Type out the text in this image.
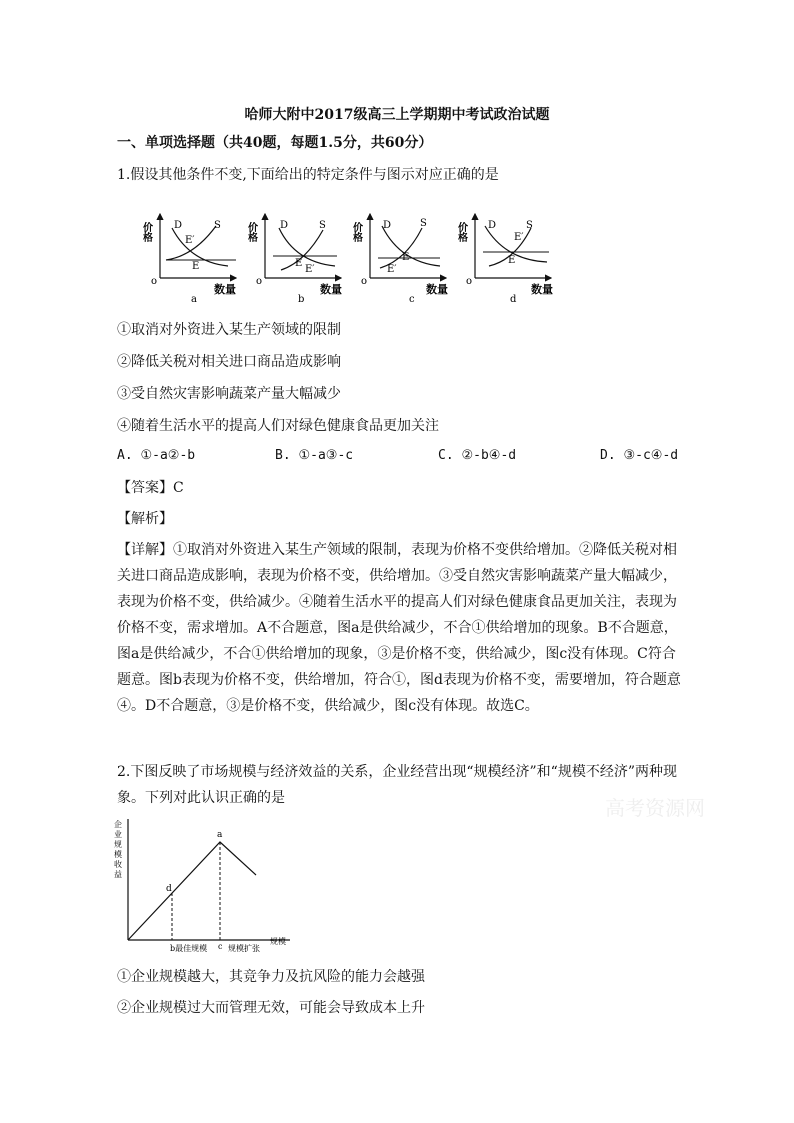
哈师大附中2017级高三上学期期中考试政治试题
一、单项选择题（共40题，每题1.5分，共60分）
1.假设其他条件不变,下面给出的特定条件与图示对应正确的是
价格 D	S
E′
E
o
数量
a
价格 D	S
E
E′
o
数量
b
价格 D	S
E
E′
o
数量
c
价格 D	S
E′
E
o
数量
d
①取消对外资进入某生产领域的限制
②降低关税对相关进口商品造成影响
③受自然灾害影响蔬菜产量大幅减少
④随着生活水平的提高人们对绿色健康食品更加关注
A. ①-a②-b	B. ①-a③-c	C. ②-b④-d	D. ③-c④-d
【答案】C
【解析】
【详解】①取消对外资进入某生产领域的限制，表现为价格不变供给增加。②降低关税对相关进口商品造成影响，表现为价格不变，供给增加。③受自然灾害影响蔬菜产量大幅减少，表现为价格不变，供给减少。④随着生活水平的提高人们对绿色健康食品更加关注，表现为价格不变，需求增加。A不合题意，图a是供给减少，不合①供给增加的现象。B不合题意，图a是供给减少，不合①供给增加的现象，③是价格不变，供给减少，图c没有体现。C符合题意。图b表现为价格不变，供给增加，符合①，图d表现为价格不变，需要增加，符合题意④。D不合题意，③是价格不变，供给减少，图c没有体现。故选C。
2.下图反映了市场规模与经济效益的关系，企业经营出现“规模经济”和“规模不经济”两种现象。下列对此认识正确的是
企
业
规
模
收
益
a
d
b最佳规模 c 规模扩张
规模
①企业规模越大，其竞争力及抗风险的能力会越强
②企业规模过大而管理无效，可能会导致成本上升
高考资源网
